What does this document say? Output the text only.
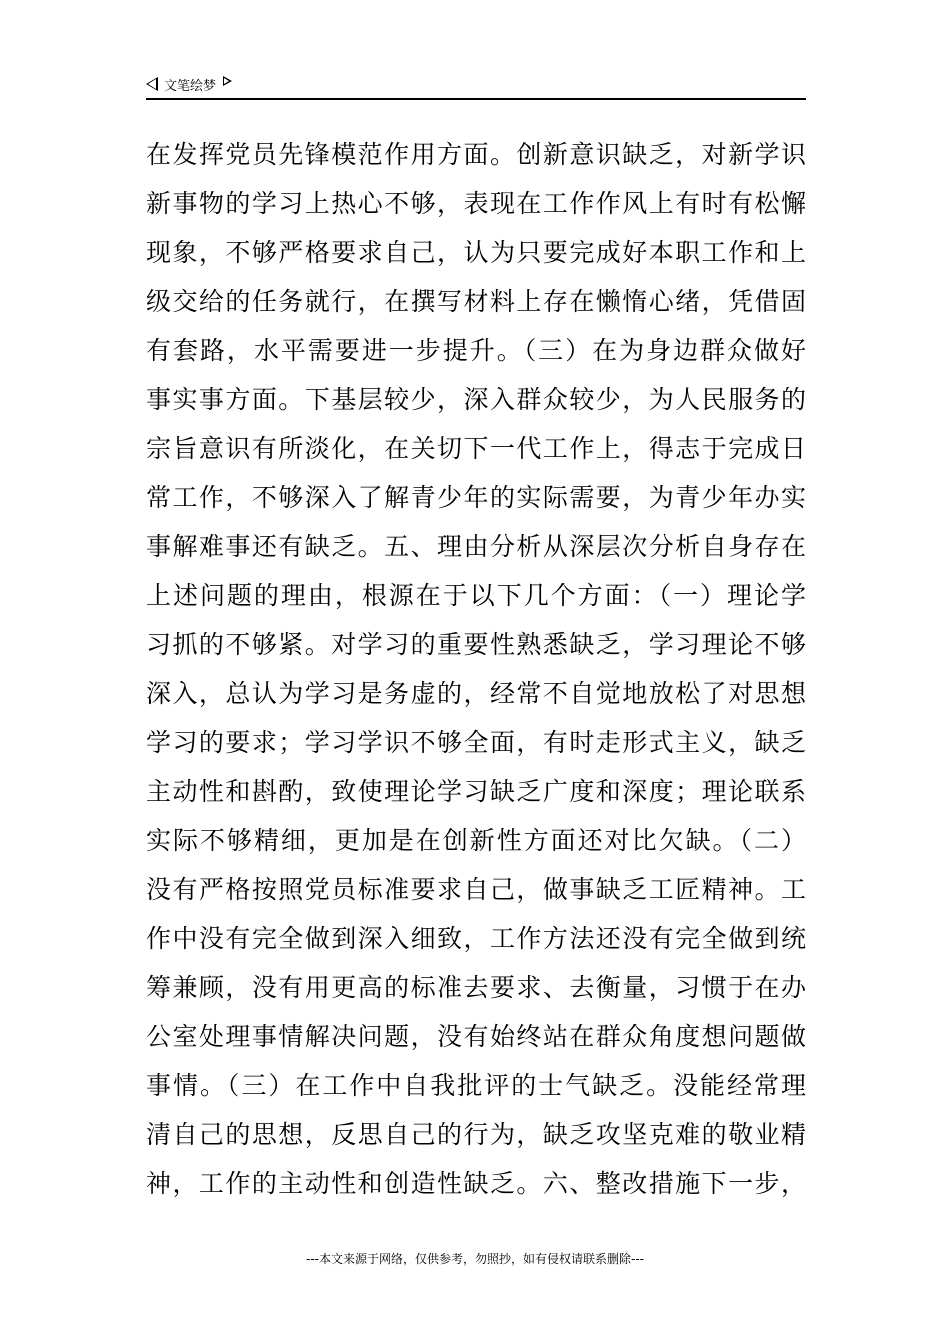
文笔绘梦
在发挥党员先锋模范作用方面。创新意识缺乏，对新学识
新事物的学习上热心不够，表现在工作作风上有时有松懈
现象，不够严格要求自己，认为只要完成好本职工作和上
级交给的任务就行，在撰写材料上存在懒惰心绪，凭借固
有套路，水平需要进一步提升。（三）在为身边群众做好
事实事方面。下基层较少，深入群众较少，为人民服务的
宗旨意识有所淡化，在关切下一代工作上，得志于完成日
常工作，不够深入了解青少年的实际需要，为青少年办实
事解难事还有缺乏。五、理由分析从深层次分析自身存在
上述问题的理由，根源在于以下几个方面：（一）理论学
习抓的不够紧。对学习的重要性熟悉缺乏，学习理论不够
深入，总认为学习是务虚的，经常不自觉地放松了对思想
学习的要求；学习学识不够全面，有时走形式主义，缺乏
主动性和斟酌，致使理论学习缺乏广度和深度；理论联系
实际不够精细，更加是在创新性方面还对比欠缺。（二）
没有严格按照党员标准要求自己，做事缺乏工匠精神。工
作中没有完全做到深入细致，工作方法还没有完全做到统
筹兼顾，没有用更高的标准去要求、去衡量，习惯于在办
公室处理事情解决问题，没有始终站在群众角度想问题做
事情。（三）在工作中自我批评的士气缺乏。没能经常理
清自己的思想，反思自己的行为，缺乏攻坚克难的敬业精
神，工作的主动性和创造性缺乏。六、整改措施下一步，
---本文来源于网络，仅供参考，勿照抄，如有侵权请联系删除---
